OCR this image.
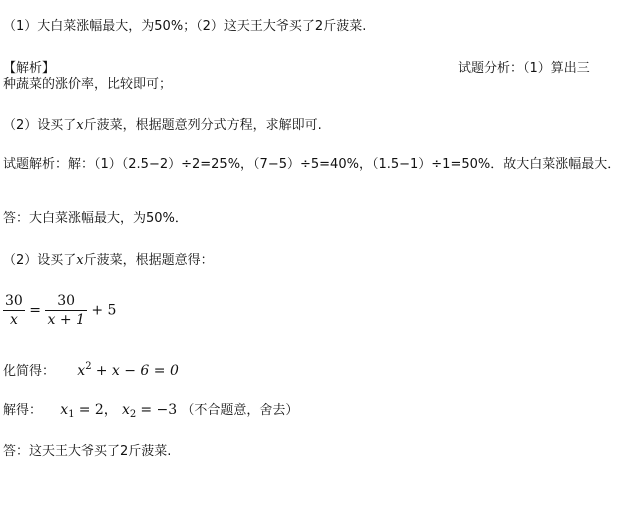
（1）大白菜涨幅最大，为50%；（2）这天王大爷买了2斤菠菜.
【解析】	试题分析：（1）算出三
种蔬菜的涨价率，比较即可；
（2）设买了x斤菠菜，根据题意列分式方程，求解即可.
试题解析：解：（1）（2.5−2）÷2=25%，（7−5）÷5=40%，（1.5−1）÷1=50%．故大白菜涨幅最大．
答：大白菜涨幅最大，为50%．
（2）设买了x斤菠菜，根据题意得：
$\frac{30}{x} = \frac{30}{x + 1} + 5$
化简得： $x^2 + x - 6 = 0$
解得： $x_1 = 2$， $x_2 = -3$ （不合题意，舍去）
答：这天王大爷买了2斤菠菜.
